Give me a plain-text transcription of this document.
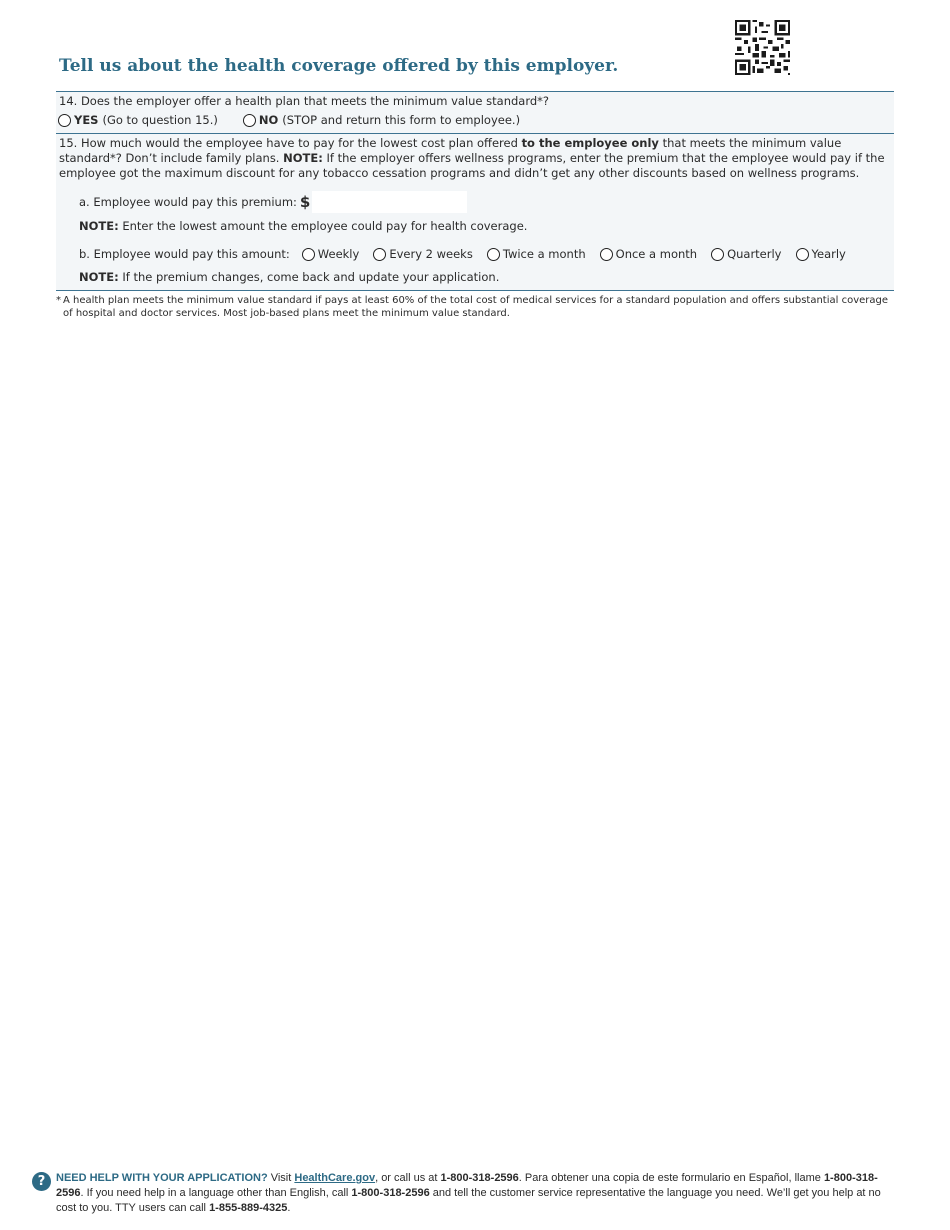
Tell us about the health coverage offered by this employer.
14. Does the employer offer a health plan that meets the minimum value standard*?
YES (Go to question 15.)	NO (STOP and return this form to employee.)
15. How much would the employee have to pay for the lowest cost plan offered to the employee only that meets the minimum value standard*? Don’t include family plans. NOTE: If the employer offers wellness programs, enter the premium that the employee would pay if the employee got the maximum discount for any tobacco cessation programs and didn’t get any other discounts based on wellness programs.
a. Employee would pay this premium: $
NOTE: Enter the lowest amount the employee could pay for health coverage.
b. Employee would pay this amount: Weekly	Every 2 weeks	Twice a month	Once a month	Quarterly	Yearly
NOTE: If the premium changes, come back and update your application.
* A health plan meets the minimum value standard if pays at least 60% of the total cost of medical services for a standard population and offers substantial coverage of hospital and doctor services. Most job-based plans meet the minimum value standard.
? NEED HELP WITH YOUR APPLICATION? Visit HealthCare.gov, or call us at 1-800-318-2596. Para obtener una copia de este formulario en Español, llame 1-800-318-2596. If you need help in a language other than English, call 1-800-318-2596 and tell the customer service representative the language you need. We’ll get you help at no cost to you. TTY users can call 1-855-889-4325.
